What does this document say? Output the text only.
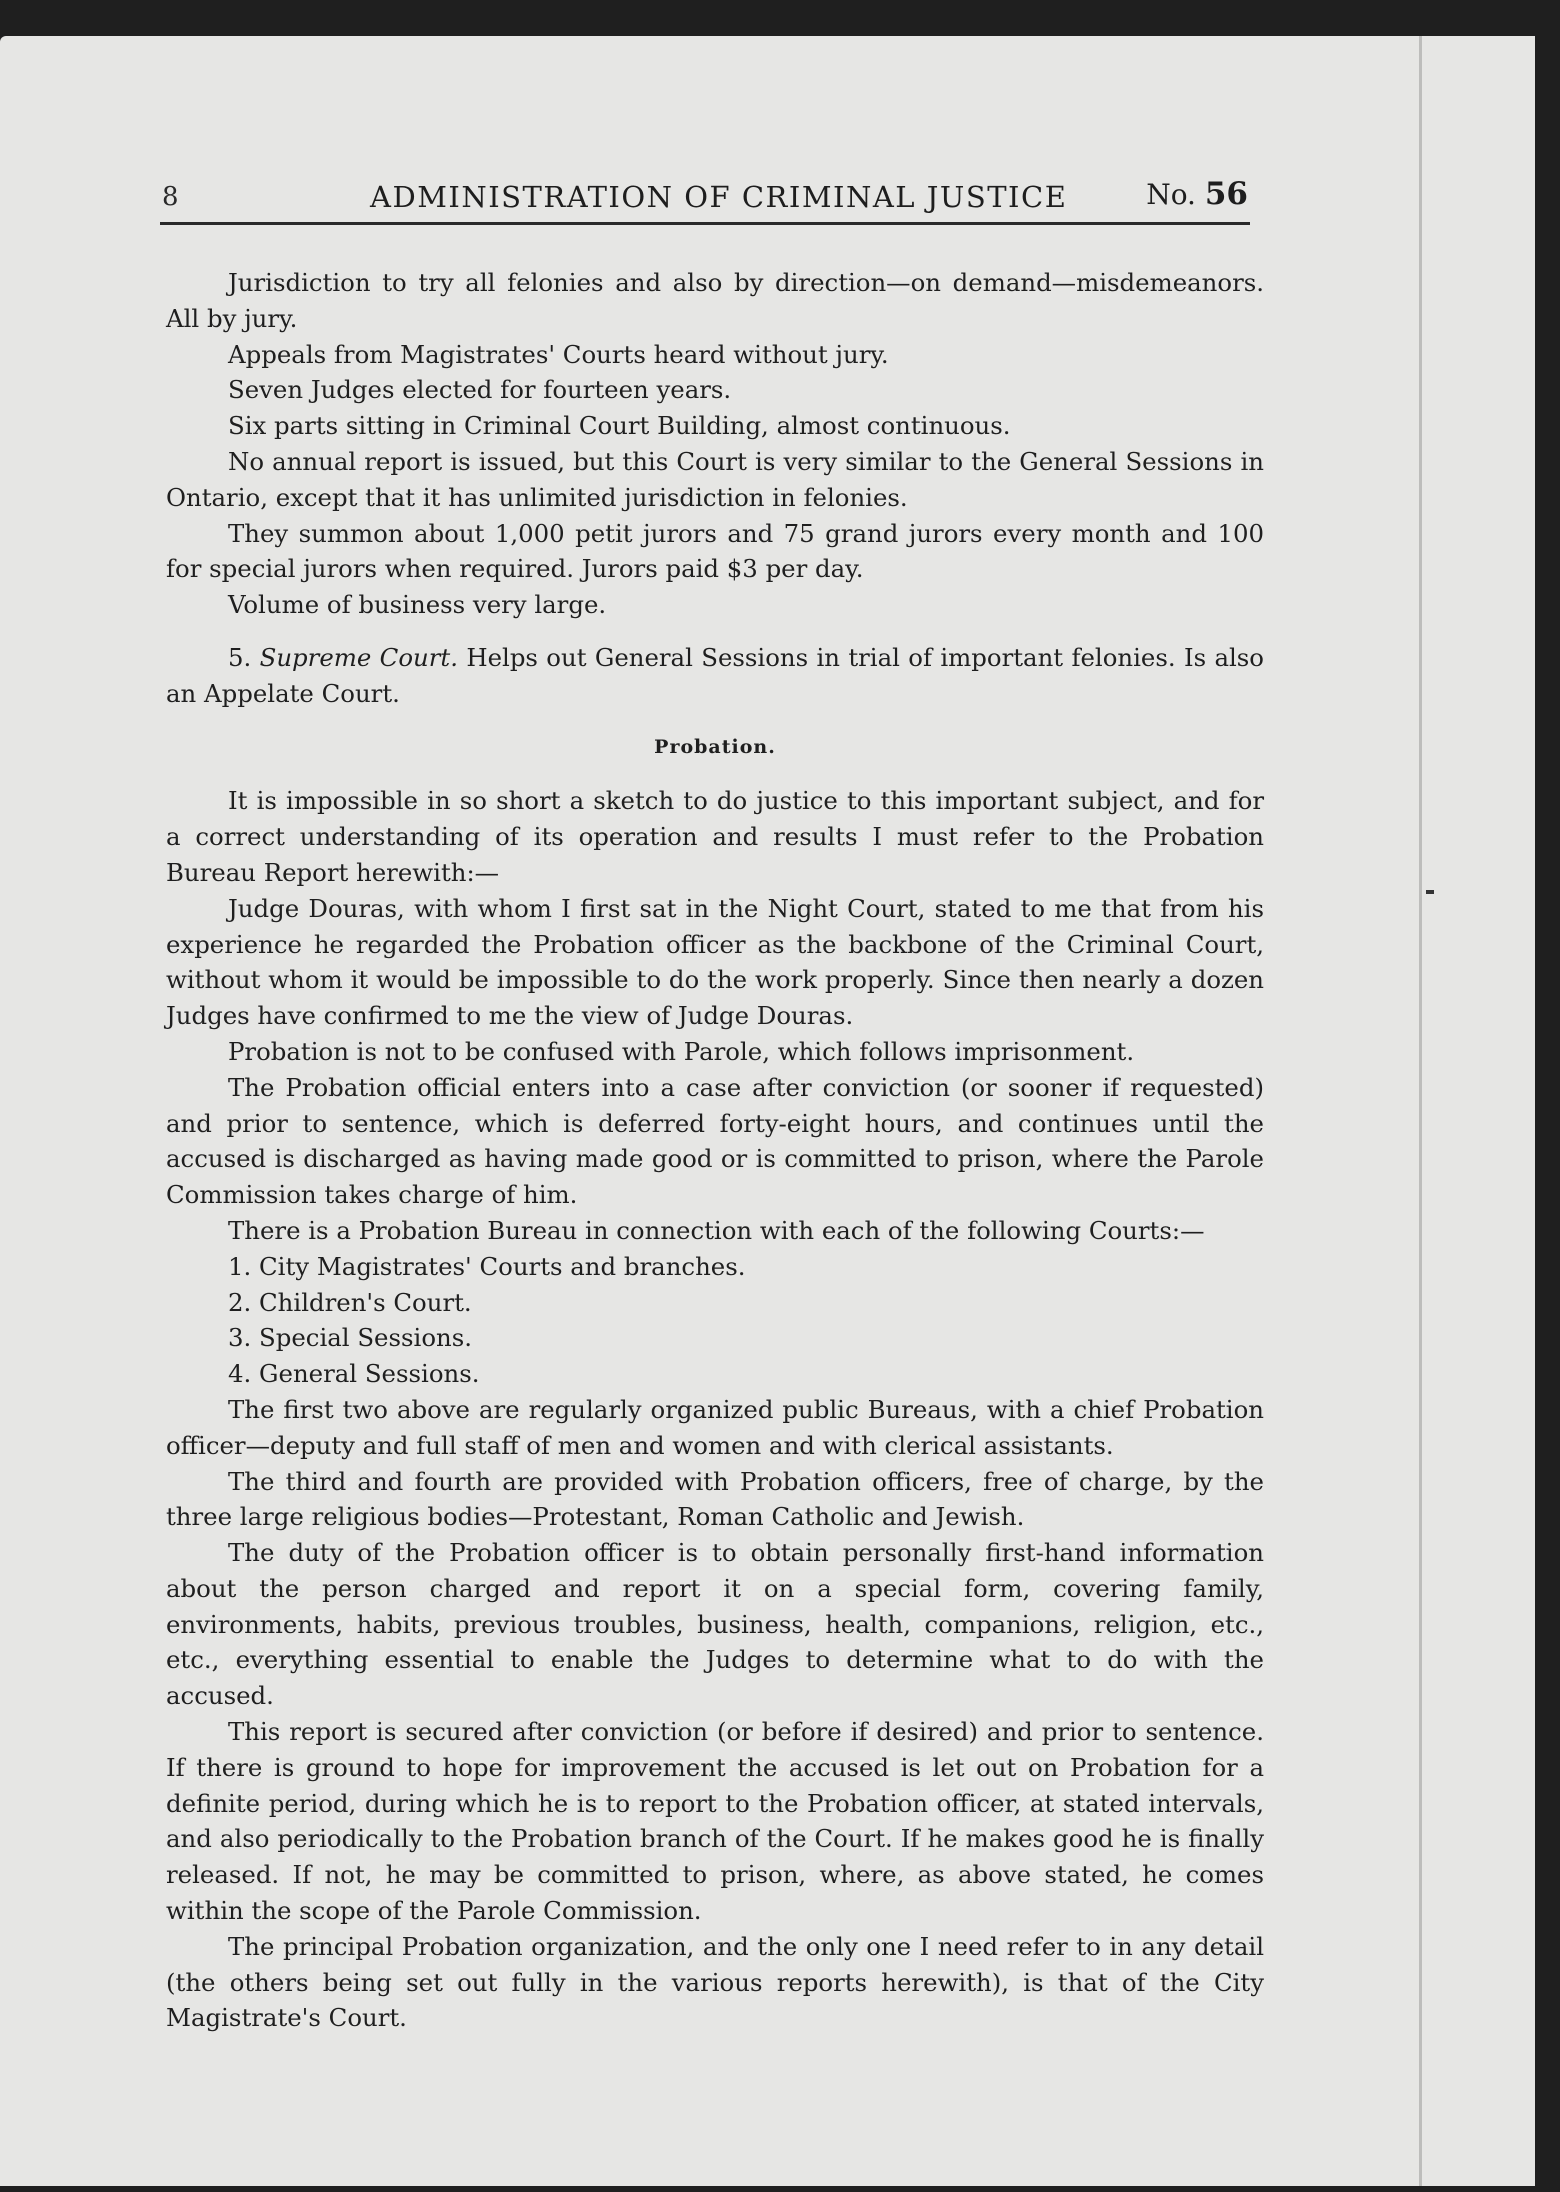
8	ADMINISTRATION OF CRIMINAL JUSTICE	No. 56

Jurisdiction to try all felonies and also by direction—on demand—misdemeanors. All by jury.

Appeals from Magistrates' Courts heard without jury.

Seven Judges elected for fourteen years.

Six parts sitting in Criminal Court Building, almost continuous.

No annual report is issued, but this Court is very similar to the General Sessions in Ontario, except that it has unlimited jurisdiction in felonies.

They summon about 1,000 petit jurors and 75 grand jurors every month and 100 for special jurors when required. Jurors paid $3 per day.

Volume of business very large.

5. Supreme Court. Helps out General Sessions in trial of important felonies. Is also an Appelate Court.

Probation.

It is impossible in so short a sketch to do justice to this important subject, and for a correct understanding of its operation and results I must refer to the Probation Bureau Report herewith:—

Judge Douras, with whom I first sat in the Night Court, stated to me that from his experience he regarded the Probation officer as the backbone of the Criminal Court, without whom it would be impossible to do the work properly. Since then nearly a dozen Judges have confirmed to me the view of Judge Douras.

Probation is not to be confused with Parole, which follows imprisonment.

The Probation official enters into a case after conviction (or sooner if requested) and prior to sentence, which is deferred forty-eight hours, and continues until the accused is discharged as having made good or is committed to prison, where the Parole Commission takes charge of him.

There is a Probation Bureau in connection with each of the following Courts:—

1. City Magistrates' Courts and branches.

2. Children's Court.

3. Special Sessions.

4. General Sessions.

The first two above are regularly organized public Bureaus, with a chief Probation officer—deputy and full staff of men and women and with clerical assistants.

The third and fourth are provided with Probation officers, free of charge, by the three large religious bodies—Protestant, Roman Catholic and Jewish.

The duty of the Probation officer is to obtain personally first-hand information about the person charged and report it on a special form, covering family, environments, habits, previous troubles, business, health, companions, religion, etc., etc., everything essential to enable the Judges to determine what to do with the accused.

This report is secured after conviction (or before if desired) and prior to sentence. If there is ground to hope for improvement the accused is let out on Probation for a definite period, during which he is to report to the Probation officer, at stated intervals, and also periodically to the Probation branch of the Court. If he makes good he is finally released. If not, he may be committed to prison, where, as above stated, he comes within the scope of the Parole Commission.

The principal Probation organization, and the only one I need refer to in any detail (the others being set out fully in the various reports herewith), is that of the City Magistrate's Court.
